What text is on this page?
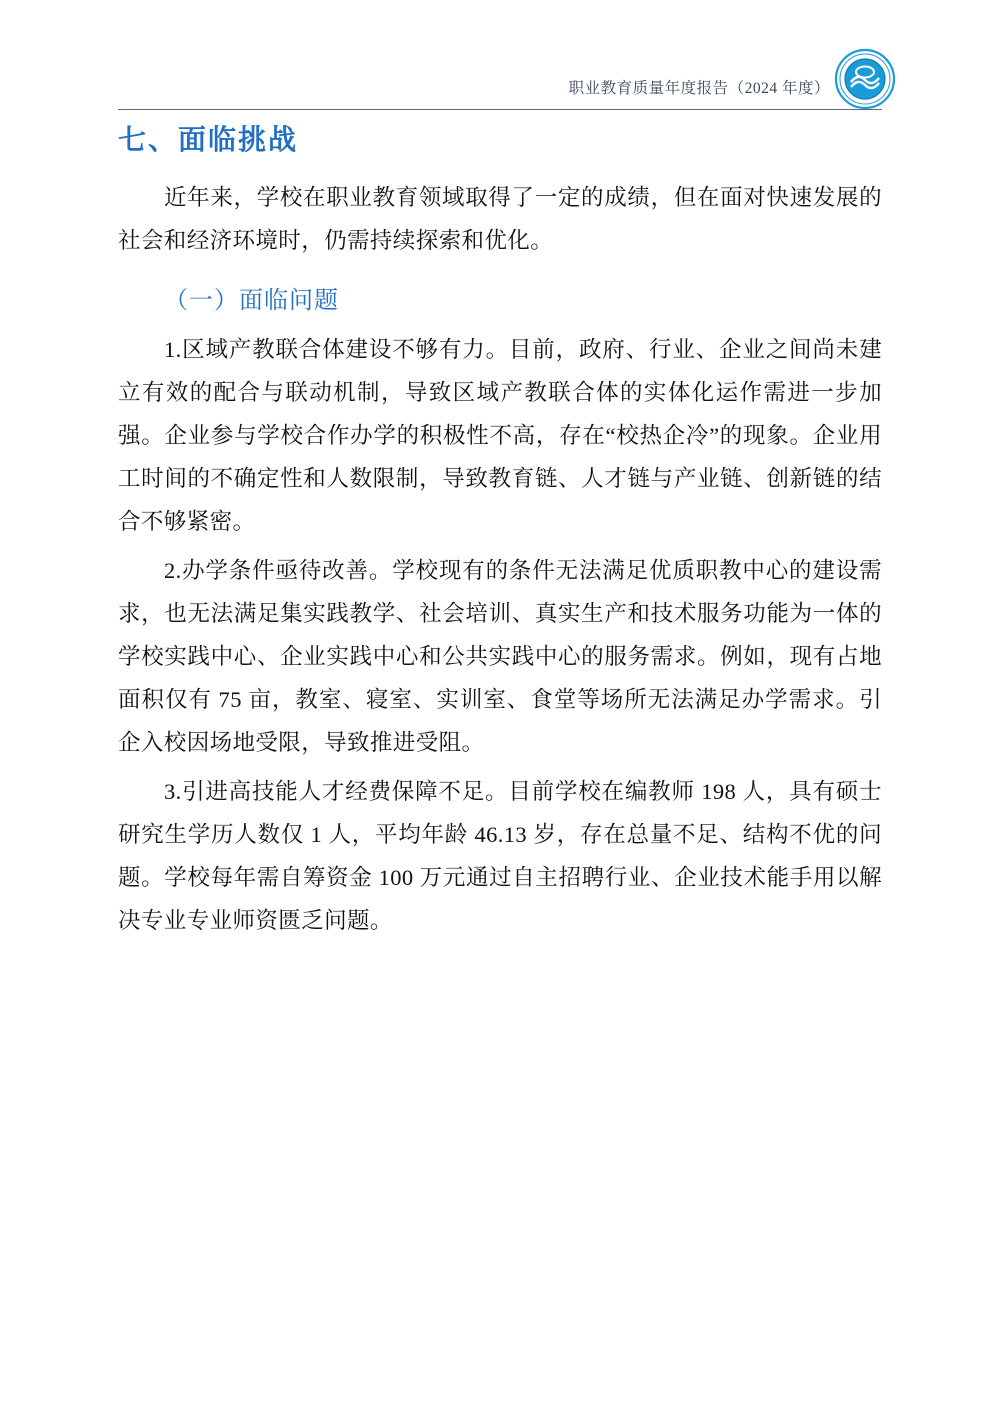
职业教育质量年度报告（2024 年度）
七、面临挑战

近年来，学校在职业教育领域取得了一定的成绩，但在面对快速发展的社会和经济环境时，仍需持续探索和优化。

（一）面临问题

1.区域产教联合体建设不够有力。目前，政府、行业、企业之间尚未建立有效的配合与联动机制，导致区域产教联合体的实体化运作需进一步加强。企业参与学校合作办学的积极性不高，存在“校热企冷”的现象。企业用工时间的不确定性和人数限制，导致教育链、人才链与产业链、创新链的结合不够紧密。

2.办学条件亟待改善。学校现有的条件无法满足优质职教中心的建设需求，也无法满足集实践教学、社会培训、真实生产和技术服务功能为一体的学校实践中心、企业实践中心和公共实践中心的服务需求。例如，现有占地面积仅有 75 亩，教室、寝室、实训室、食堂等场所无法满足办学需求。引企入校因场地受限，导致推进受阻。

3.引进高技能人才经费保障不足。目前学校在编教师 198 人，具有硕士研究生学历人数仅 1 人，平均年龄 46.13 岁，存在总量不足、结构不优的问题。学校每年需自筹资金 100 万元通过自主招聘行业、企业技术能手用以解决专业专业师资匮乏问题。
